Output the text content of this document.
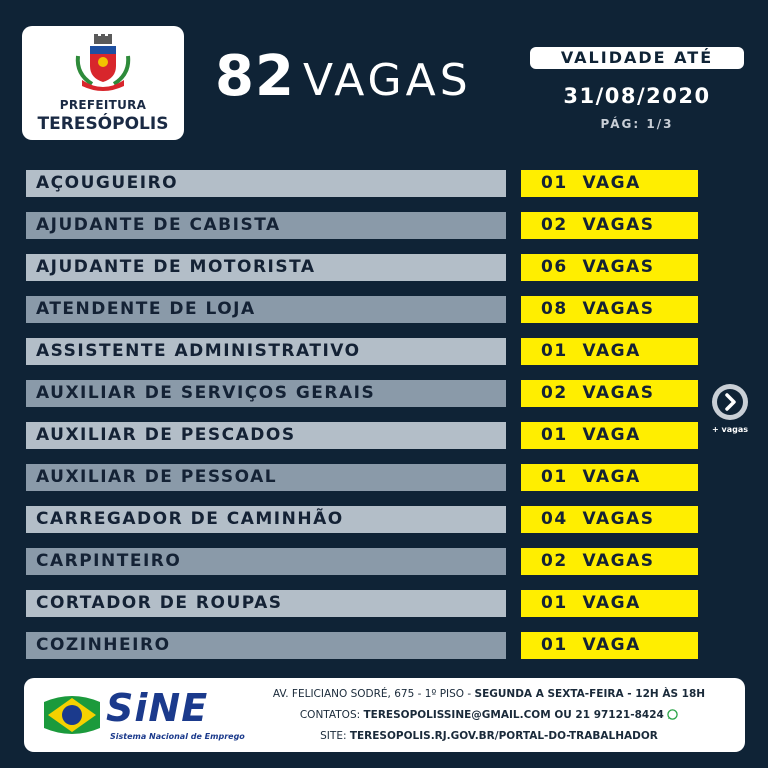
PREFEITURA
TERESÓPOLIS
82 VAGAS	VALIDADE ATÉ
31/08/2020
PÁG: 1/3
AÇOUGUEIRO	01  VAGA
AJUDANTE DE CABISTA	02  VAGAS
AJUDANTE DE MOTORISTA	06  VAGAS
ATENDENTE DE LOJA	08  VAGAS
ASSISTENTE ADMINISTRATIVO	01  VAGA
AUXILIAR DE SERVIÇOS GERAIS	02  VAGAS
AUXILIAR DE PESCADOS	01  VAGA
AUXILIAR DE PESSOAL	01  VAGA
CARREGADOR DE CAMINHÃO	04  VAGAS
CARPINTEIRO	02  VAGAS
CORTADOR DE ROUPAS	01  VAGA
COZINHEIRO	01  VAGA
+ vagas
SiNE
Sistema Nacional de Emprego
AV. FELICIANO SODRÉ, 675 - 1º PISO - SEGUNDA A SEXTA-FEIRA - 12H ÀS 18H
CONTATOS: TERESOPOLISSINE@GMAIL.COM OU 21 97121-8424
SITE: TERESOPOLIS.RJ.GOV.BR/PORTAL-DO-TRABALHADOR
